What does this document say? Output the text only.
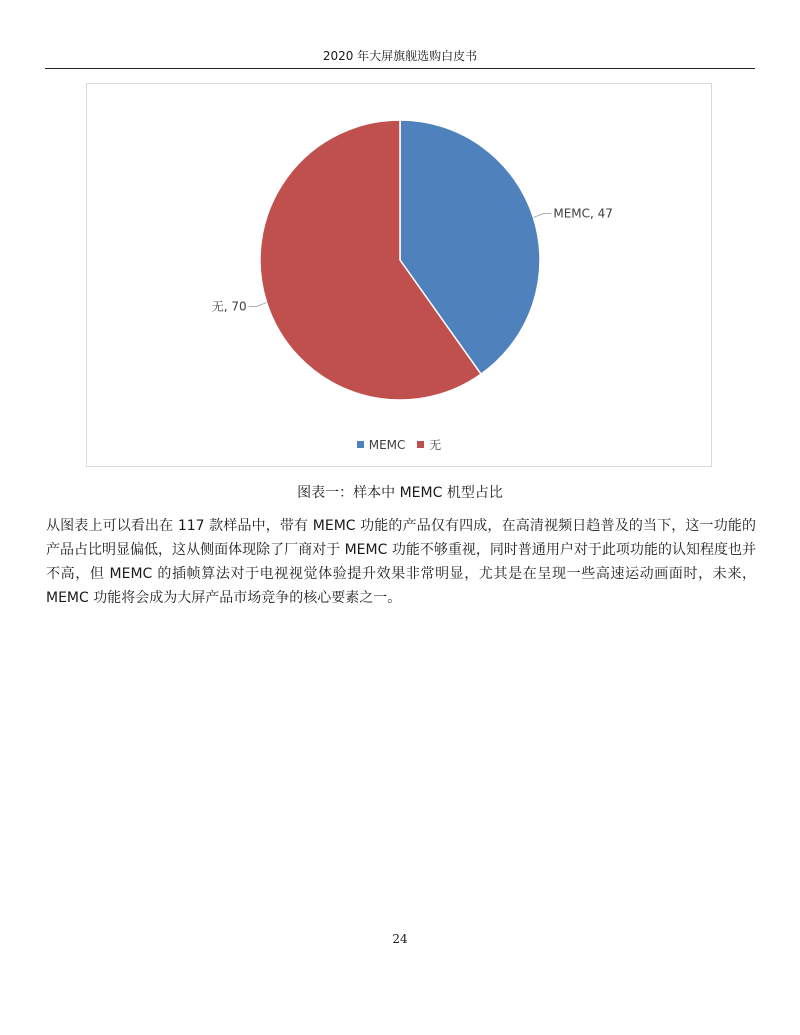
2020 年大屏旗舰选购白皮书
MEMC, 47
无, 70
MEMC
无
图表一：样本中 MEMC 机型占比

从图表上可以看出在 117 款样品中，带有 MEMC 功能的产品仅有四成，在高清视频日趋普及的当下，这一功能的产品占比明显偏低，这从侧面体现除了厂商对于 MEMC 功能不够重视，同时普通用户对于此项功能的认知程度也并不高，但 MEMC 的插帧算法对于电视视觉体验提升效果非常明显，尤其是在呈现一些高速运动画面时，未来，MEMC 功能将会成为大屏产品市场竞争的核心要素之一。

24
